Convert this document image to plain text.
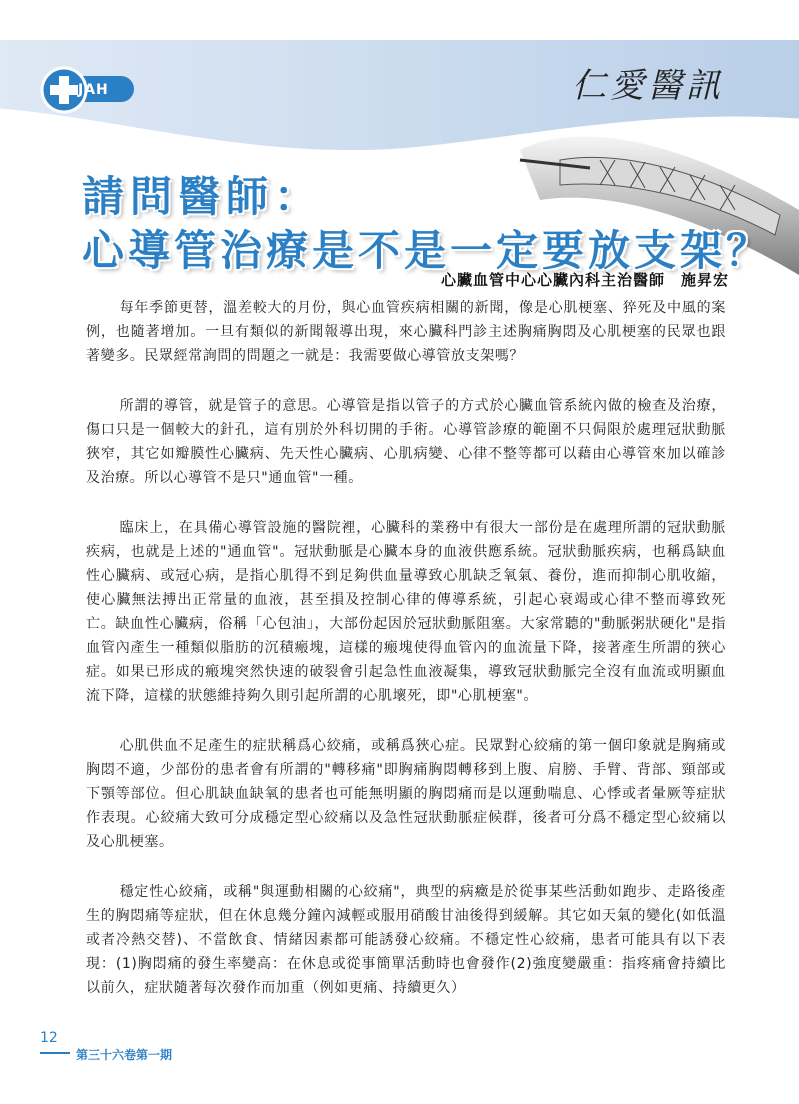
JAH	仁愛醫訊
請問醫師：
心導管治療是不是一定要放支架？
心臟血管中心心臟內科主治醫師　施昇宏

每年季節更替，溫差較大的月份，與心血管疾病相關的新聞，像是心肌梗塞、猝死及中風的案例，也隨著增加。一旦有類似的新聞報導出現，來心臟科門診主述胸痛胸悶及心肌梗塞的民眾也跟著變多。民眾經常詢問的問題之一就是：我需要做心導管放支架嗎？

所謂的導管，就是管子的意思。心導管是指以管子的方式於心臟血管系統內做的檢查及治療，傷口只是一個較大的針孔，這有別於外科切開的手術。心導管診療的範圍不只侷限於處理冠狀動脈狹窄，其它如瓣膜性心臟病、先天性心臟病、心肌病變、心律不整等都可以藉由心導管來加以確診及治療。所以心導管不是只"通血管"一種。

臨床上，在具備心導管設施的醫院裡，心臟科的業務中有很大一部份是在處理所謂的冠狀動脈疾病，也就是上述的"通血管"。冠狀動脈是心臟本身的血液供應系統。冠狀動脈疾病，也稱爲缺血性心臟病、或冠心病，是指心肌得不到足夠供血量導致心肌缺乏氧氣、養份，進而抑制心肌收縮，使心臟無法搏出正常量的血液，甚至損及控制心律的傳導系統，引起心衰竭或心律不整而導致死亡。缺血性心臟病，俗稱「心包油」，大部份起因於冠狀動脈阻塞。大家常聽的"動脈粥狀硬化"是指血管內產生一種類似脂肪的沉積瘢塊，這樣的瘢塊使得血管內的血流量下降，接著產生所謂的狹心症。如果已形成的瘢塊突然快速的破裂會引起急性血液凝集，導致冠狀動脈完全沒有血流或明顯血流下降，這樣的狀態維持夠久則引起所謂的心肌壞死，即"心肌梗塞"。

心肌供血不足產生的症狀稱爲心絞痛，或稱爲狹心症。民眾對心絞痛的第一個印象就是胸痛或胸悶不適，少部份的患者會有所謂的"轉移痛"即胸痛胸悶轉移到上腹、肩膀、手臂、背部、頸部或下顎等部位。但心肌缺血缺氧的患者也可能無明顯的胸悶痛而是以運動喘息、心悸或者暈厥等症狀作表現。心絞痛大致可分成穩定型心絞痛以及急性冠狀動脈症候群，後者可分爲不穩定型心絞痛以及心肌梗塞。

穩定性心絞痛，或稱"與運動相關的心絞痛"，典型的病癥是於從事某些活動如跑步、走路後產生的胸悶痛等症狀，但在休息幾分鐘內減輕或服用硝酸甘油後得到緩解。其它如天氣的變化(如低溫或者冷熱交替)、不當飲食、情緒因素都可能誘發心絞痛。不穩定性心絞痛，患者可能具有以下表現：(1)胸悶痛的發生率變高：在休息或從事簡單活動時也會發作(2)強度變嚴重：指疼痛會持續比以前久，症狀隨著每次發作而加重（例如更痛、持續更久）

12
第三十六卷第一期
